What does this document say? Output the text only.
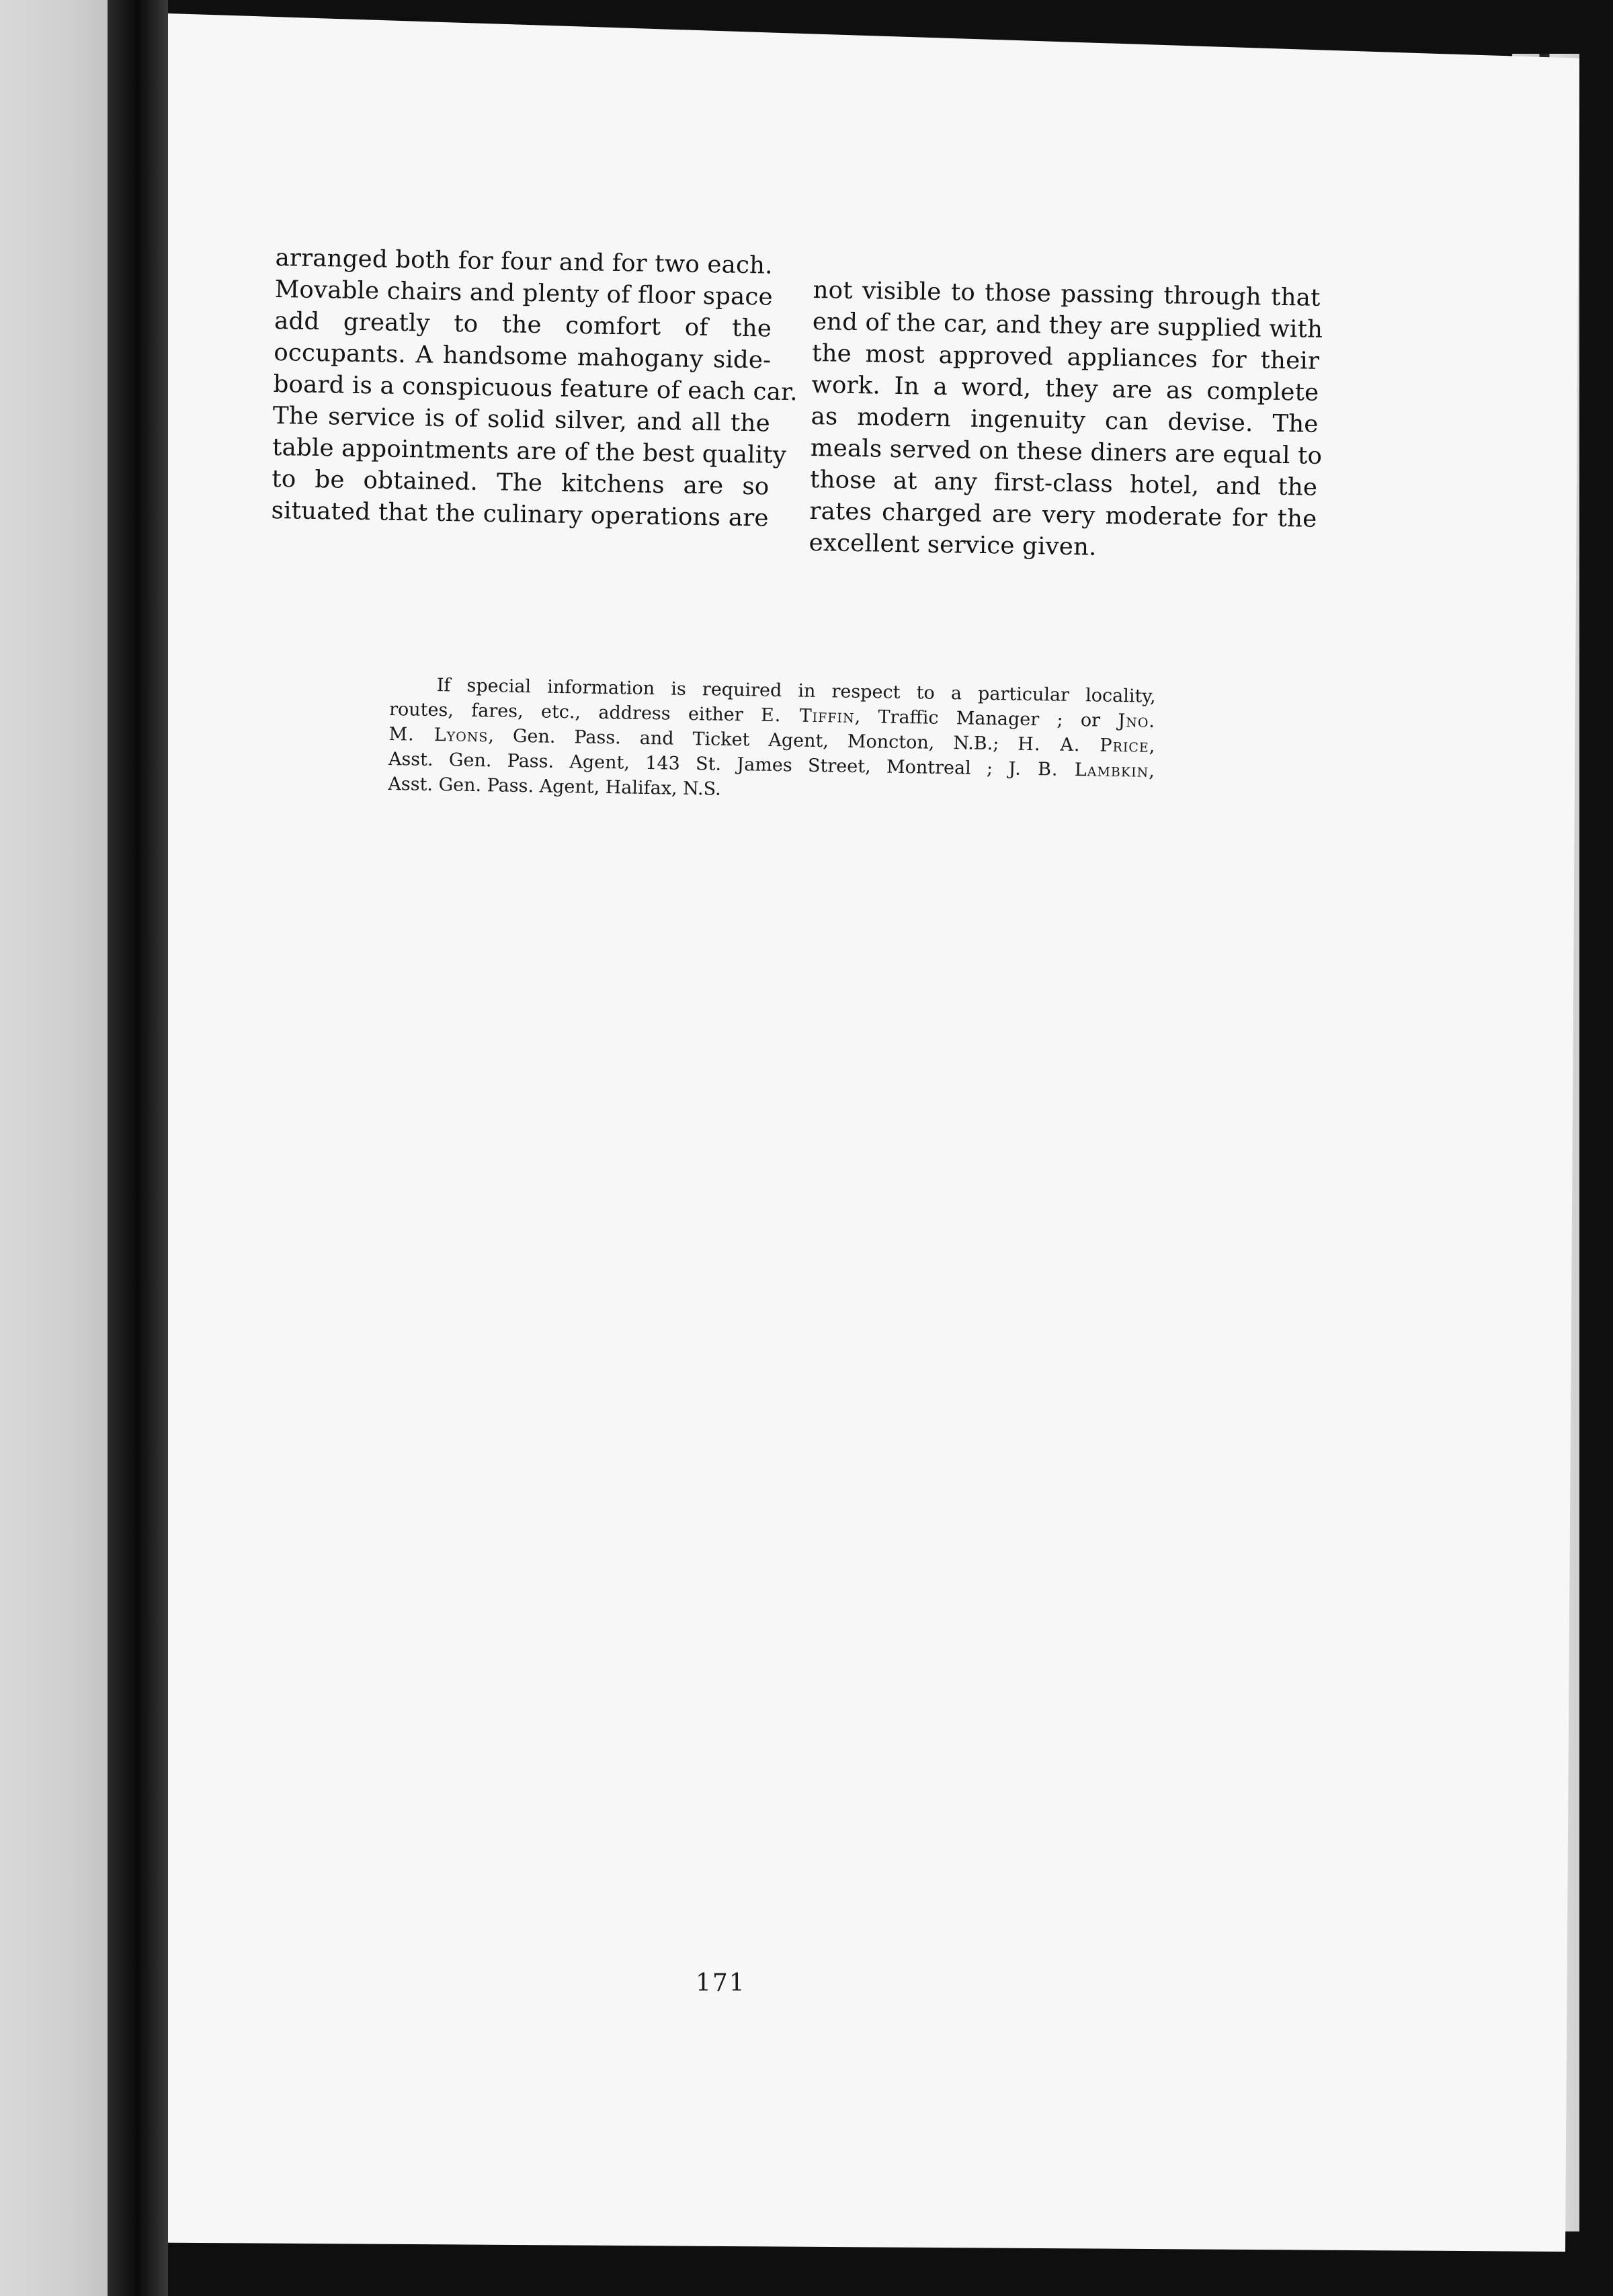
arranged both for four and for two each.
Movable chairs and plenty of floor space
add greatly to the comfort of the
occupants. A handsome mahogany side-
board is a conspicuous feature of each car.
The service is of solid silver, and all the
table appointments are of the best quality
to be obtained. The kitchens are so
situated that the culinary operations are
not visible to those passing through that
end of the car, and they are supplied with
the most approved appliances for their
work. In a word, they are as complete
as modern ingenuity can devise. The
meals served on these diners are equal to
those at any first-class hotel, and the
rates charged are very moderate for the
excellent service given.
If special information is required in respect to a particular locality,
routes, fares, etc., address either E. Tiffin, Traffic Manager ; or Jno.
M. Lyons, Gen. Pass. and Ticket Agent, Moncton, N.B.; H. A. Price,
Asst. Gen. Pass. Agent, 143 St. James Street, Montreal ; J. B. Lambkin,
Asst. Gen. Pass. Agent, Halifax, N.S.
171
